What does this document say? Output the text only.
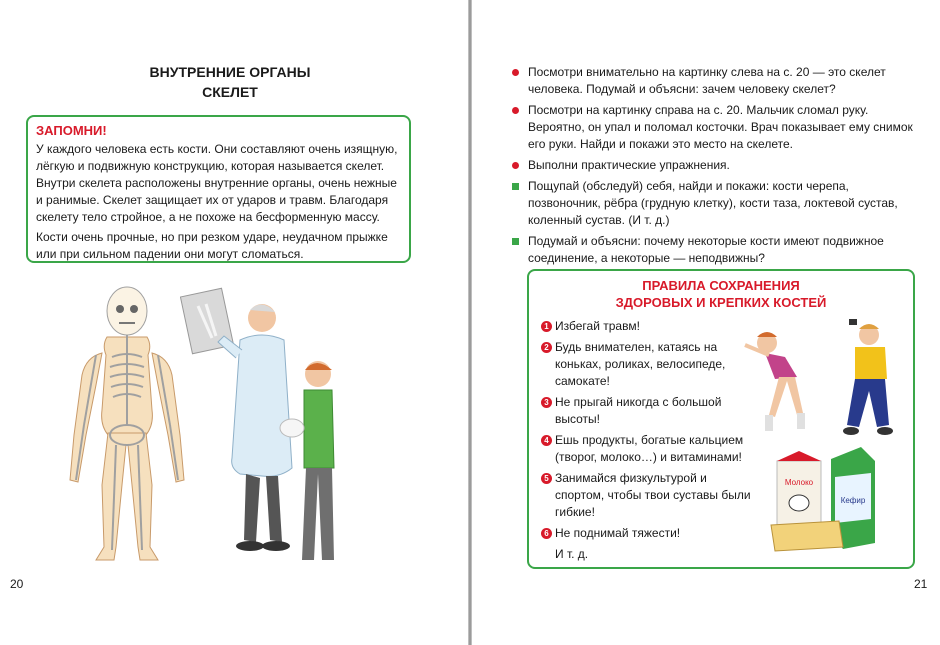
ВНУТРЕННИЕ ОРГАНЫ
СКЕЛЕТ
ЗАПОМНИ!

У каждого человека есть кости. Они составляют очень изящную, лёгкую и подвижную конструкцию, которая называется скелет. Внутри скелета расположены внутренние органы, очень нежные и ранимые. Скелет защищает их от ударов и травм. Благодаря скелету тело стройное, а не похоже на бесформенную массу.

Кости очень прочные, но при резком ударе, неудачном прыжке или при сильном падении они могут сломаться.

20
Посмотри внимательно на картинку слева на с. 20 — это скелет человека. Подумай и объясни: зачем человеку скелет?
Посмотри на картинку справа на с. 20. Мальчик сломал руку. Вероятно, он упал и поломал косточки. Врач показывает ему снимок его руки. Найди и покажи это место на скелете.
Выполни практические упражнения.
Пощупай (обследуй) себя, найди и покажи: кости черепа, позвоночник, рёбра (грудную клетку), кости таза, локтевой сустав, коленный сустав. (И т. д.)
Подумай и объясни: почему некоторые кости имеют подвижное соединение, а некоторые — неподвижны?
ПРАВИЛА СОХРАНЕНИЯ
ЗДОРОВЫХ И КРЕПКИХ КОСТЕЙ
1 Избегай травм!
2 Будь внимателен, катаясь на коньках, роликах, велосипеде, самокате!
3 Не прыгай никогда с большой высоты!
4 Ешь продукты, богатые кальцием (творог, молоко…) и витаминами!
5 Занимайся физкультурой и спортом, чтобы твои суставы были гибкие!
6 Не поднимай тяжести!
И т. д.
Кефир
Молоко
21
